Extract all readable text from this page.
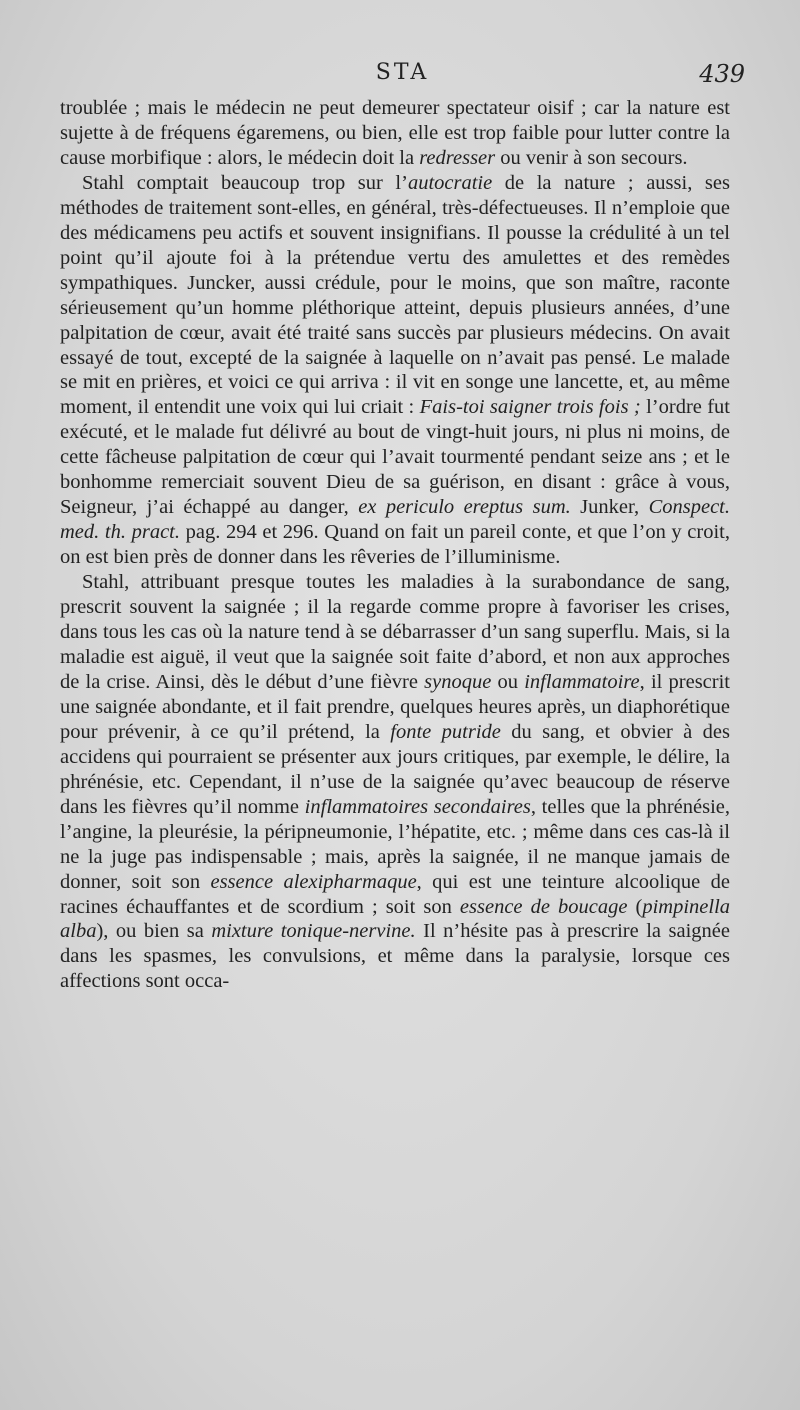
STA	439

troublée ; mais le médecin ne peut demeurer spectateur oisif ; car la nature est sujette à de fréquens égaremens, ou bien, elle est trop faible pour lutter contre la cause morbifique : alors, le médecin doit la redresser ou venir à son secours.

Stahl comptait beaucoup trop sur l’autocratie de la nature ; aussi, ses méthodes de traitement sont-elles, en général, très-défectueuses. Il n’emploie que des médicamens peu actifs et souvent insignifians. Il pousse la crédulité à un tel point qu’il ajoute foi à la prétendue vertu des amulettes et des remèdes sympathiques. Juncker, aussi crédule, pour le moins, que son maître, raconte sérieusement qu’un homme pléthorique atteint, depuis plusieurs années, d’une palpitation de cœur, avait été traité sans succès par plusieurs médecins. On avait essayé de tout, excepté de la saignée à laquelle on n’avait pas pensé. Le malade se mit en prières, et voici ce qui arriva : il vit en songe une lancette, et, au même moment, il entendit une voix qui lui criait : Fais-toi saigner trois fois ; l’ordre fut exécuté, et le malade fut délivré au bout de vingt-huit jours, ni plus ni moins, de cette fâcheuse palpitation de cœur qui l’avait tourmenté pendant seize ans ; et le bonhomme remerciait souvent Dieu de sa guérison, en disant : grâce à vous, Seigneur, j’ai échappé au danger, ex periculo ereptus sum. Junker, Conspect. med. th. pract. pag. 294 et 296. Quand on fait un pareil conte, et que l’on y croit, on est bien près de donner dans les rêveries de l’illuminisme.

Stahl, attribuant presque toutes les maladies à la surabondance de sang, prescrit souvent la saignée ; il la regarde comme propre à favoriser les crises, dans tous les cas où la nature tend à se débarrasser d’un sang superflu. Mais, si la maladie est aiguë, il veut que la saignée soit faite d’abord, et non aux approches de la crise. Ainsi, dès le début d’une fièvre synoque ou inflammatoire, il prescrit une saignée abondante, et il fait prendre, quelques heures après, un diaphorétique pour prévenir, à ce qu’il prétend, la fonte putride du sang, et obvier à des accidens qui pourraient se présenter aux jours critiques, par exemple, le délire, la phrénésie, etc. Cependant, il n’use de la saignée qu’avec beaucoup de réserve dans les fièvres qu’il nomme inflammatoires secondaires, telles que la phrénésie, l’angine, la pleurésie, la péripneumonie, l’hépatite, etc. ; même dans ces cas-là il ne la juge pas indispensable ; mais, après la saignée, il ne manque jamais de donner, soit son essence alexipharmaque, qui est une teinture alcoolique de racines échauffantes et de scordium ; soit son essence de boucage (pimpinella alba), ou bien sa mixture tonique-nervine. Il n’hésite pas à prescrire la saignée dans les spasmes, les convulsions, et même dans la paralysie, lorsque ces affections sont occa-
